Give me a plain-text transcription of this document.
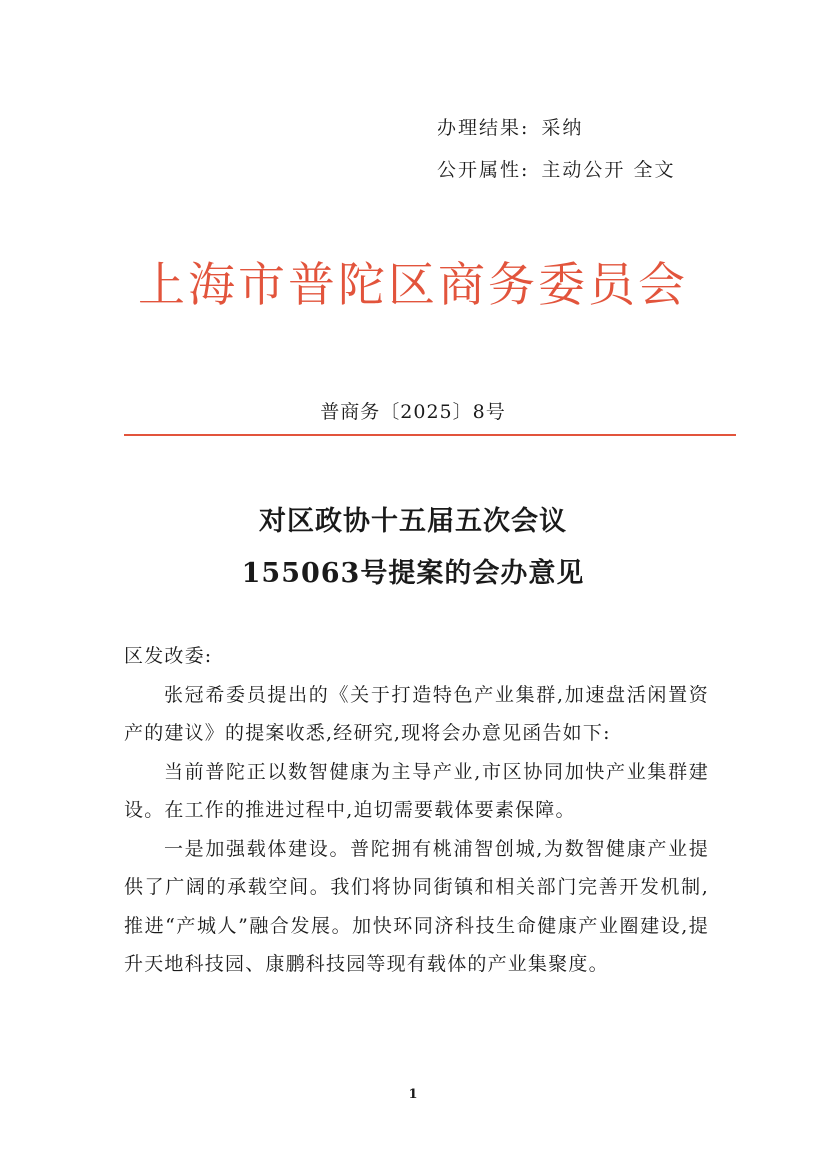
办理结果: 采纳
公开属性: 主动公开 全文
上海市普陀区商务委员会
普商务〔2025〕8号
对区政协十五届五次会议
155063号提案的会办意见

区发改委:

张冠希委员提出的《关于打造特色产业集群,加速盘活闲置资产的建议》的提案收悉,经研究,现将会办意见函告如下:

当前普陀正以数智健康为主导产业,市区协同加快产业集群建设。在工作的推进过程中,迫切需要载体要素保障。

一是加强载体建设。普陀拥有桃浦智创城,为数智健康产业提供了广阔的承载空间。我们将协同街镇和相关部门完善开发机制,推进“产城人”融合发展。加快环同济科技生命健康产业圈建设,提升天地科技园、康鹏科技园等现有载体的产业集聚度。

1
